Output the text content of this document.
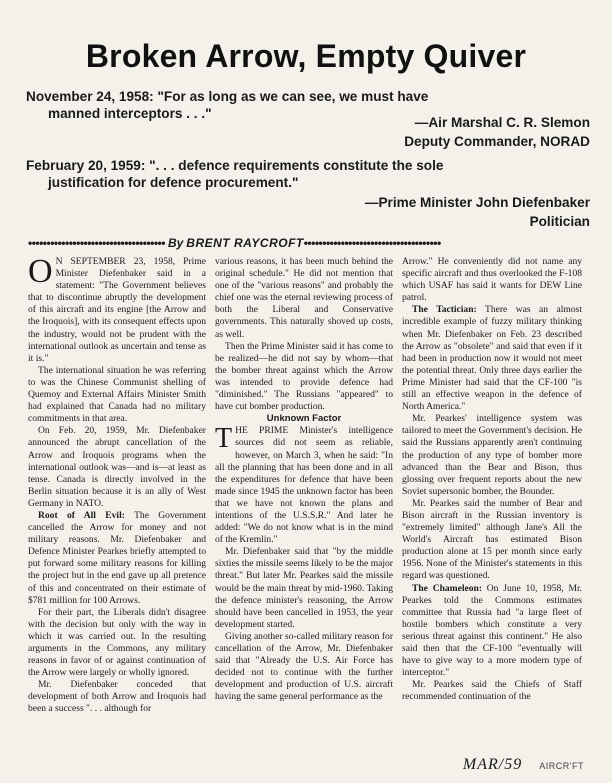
Broken Arrow, Empty Quiver
November 24, 1958: "For as long as we can see, we must have
manned interceptors . . ."
—Air Marshal C. R. Slemon
Deputy Commander, NORAD
February 20, 1959: ". . . defence requirements constitute the sole
justification for defence procurement."
—Prime Minister John Diefenbaker
Politician
••••••••••••••••••••••••••••••••••••• By BRENT RAYCROFT•••••••••••••••••••••••••••••••••••••

O N SEPTEMBER 23, 1958, Prime Minister Diefenbaker said in a statement: "The Government believes that to discontinue abruptly the development of this aircraft and its engine [the Arrow and the Iroquois], with its consequent effects upon the industry, would not be prudent with the international outlook as uncertain and tense as it is."

The international situation he was referring to was the Chinese Communist shelling of Quemoy and External Affairs Minister Smith had explained that Canada had no military commitments in that area.

On Feb. 20, 1959, Mr. Diefenbaker announced the abrupt cancellation of the Arrow and Iroquois programs when the international outlook was—and is—at least as tense. Canada is directly involved in the Berlin situation because it is an ally of West Germany in NATO.

Root of All Evil: The Government cancelled the Arrow for money and not military reasons. Mr. Diefenbaker and Defence Minister Pearkes briefly attempted to put forward some military reasons for killing the project but in the end gave up all pretence of this and concentrated on their estimate of $781 million for 100 Arrows.

For their part, the Liberals didn't disagree with the decision but only with the way in which it was carried out. In the resulting arguments in the Commons, any military reasons in favor of or against continuation of the Arrow were largely or wholly ignored.

Mr. Diefenbaker conceded that development of both Arrow and Iroquois had been a success ". . . although for

various reasons, it has been much behind the original schedule." He did not mention that one of the "various reasons" and probably the chief one was the eternal reviewing process of both the Liberal and Conservative governments. This naturally shoved up costs, as well.

Then the Prime Minister said it has come to be realized—he did not say by whom—that the bomber threat against which the Arrow was intended to provide defence had "diminished." The Russians "appeared" to have cut bomber production.

Unknown Factor

THE PRIME Minister's intelligence sources did not seem as reliable, however, on March 3, when he said: "In all the planning that has been done and in all the expenditures for defence that have been made since 1945 the unknown factor has been that we have not known the plans and intentions of the U.S.S.R." And later he added: "We do not know what is in the mind of the Kremlin."

Mr. Diefenbaker said that "by the middle sixties the missile seems likely to be the major threat." But later Mr. Pearkes said the missile would be the main threat by mid-1960. Taking the defence minister's reasoning, the Arrow should have been cancelled in 1953, the year development started.

Giving another so-called military reason for cancellation of the Arrow, Mr. Diefenbaker said that "Already the U.S. Air Force has decided not to continue with the further development and production of U.S. aircraft having the same general performance as the

Arrow." He conveniently did not name any specific aircraft and thus overlooked the F-108 which USAF has said it wants for DEW Line patrol.

The Tactician: There was an almost incredible example of fuzzy military thinking when Mr. Diefenbaker on Feb. 23 described the Arrow as "obsolete" and said that even if it had been in production now it would not meet the potential threat. Only three days earlier the Prime Minister had said that the CF-100 "is still an effective weapon in the defence of North America."

Mr. Pearkes' intelligence system was tailored to meet the Government's decision. He said the Russians apparently aren't continuing the production of any type of bomber more advanced than the Bear and Bison, thus glossing over frequent reports about the new Soviet supersonic bomber, the Bounder.

Mr. Pearkes said the number of Bear and Bison aircraft in the Russian inventory is "extremely limited" although Jane's All the World's Aircraft has estimated Bison production alone at 15 per month since early 1956. None of the Minister's statements in this regard was questioned.

The Chameleon: On June 10, 1958, Mr. Pearkes told the Commons estimates committee that Russia had "a large fleet of hostile bombers which constitute a very serious threat against this continent." He also said then that the CF-100 "eventually will have to give way to a more modern type of interceptor."

Mr. Pearkes said the Chiefs of Staff recommended continuation of the

MAR/59 AIRCR'FT
